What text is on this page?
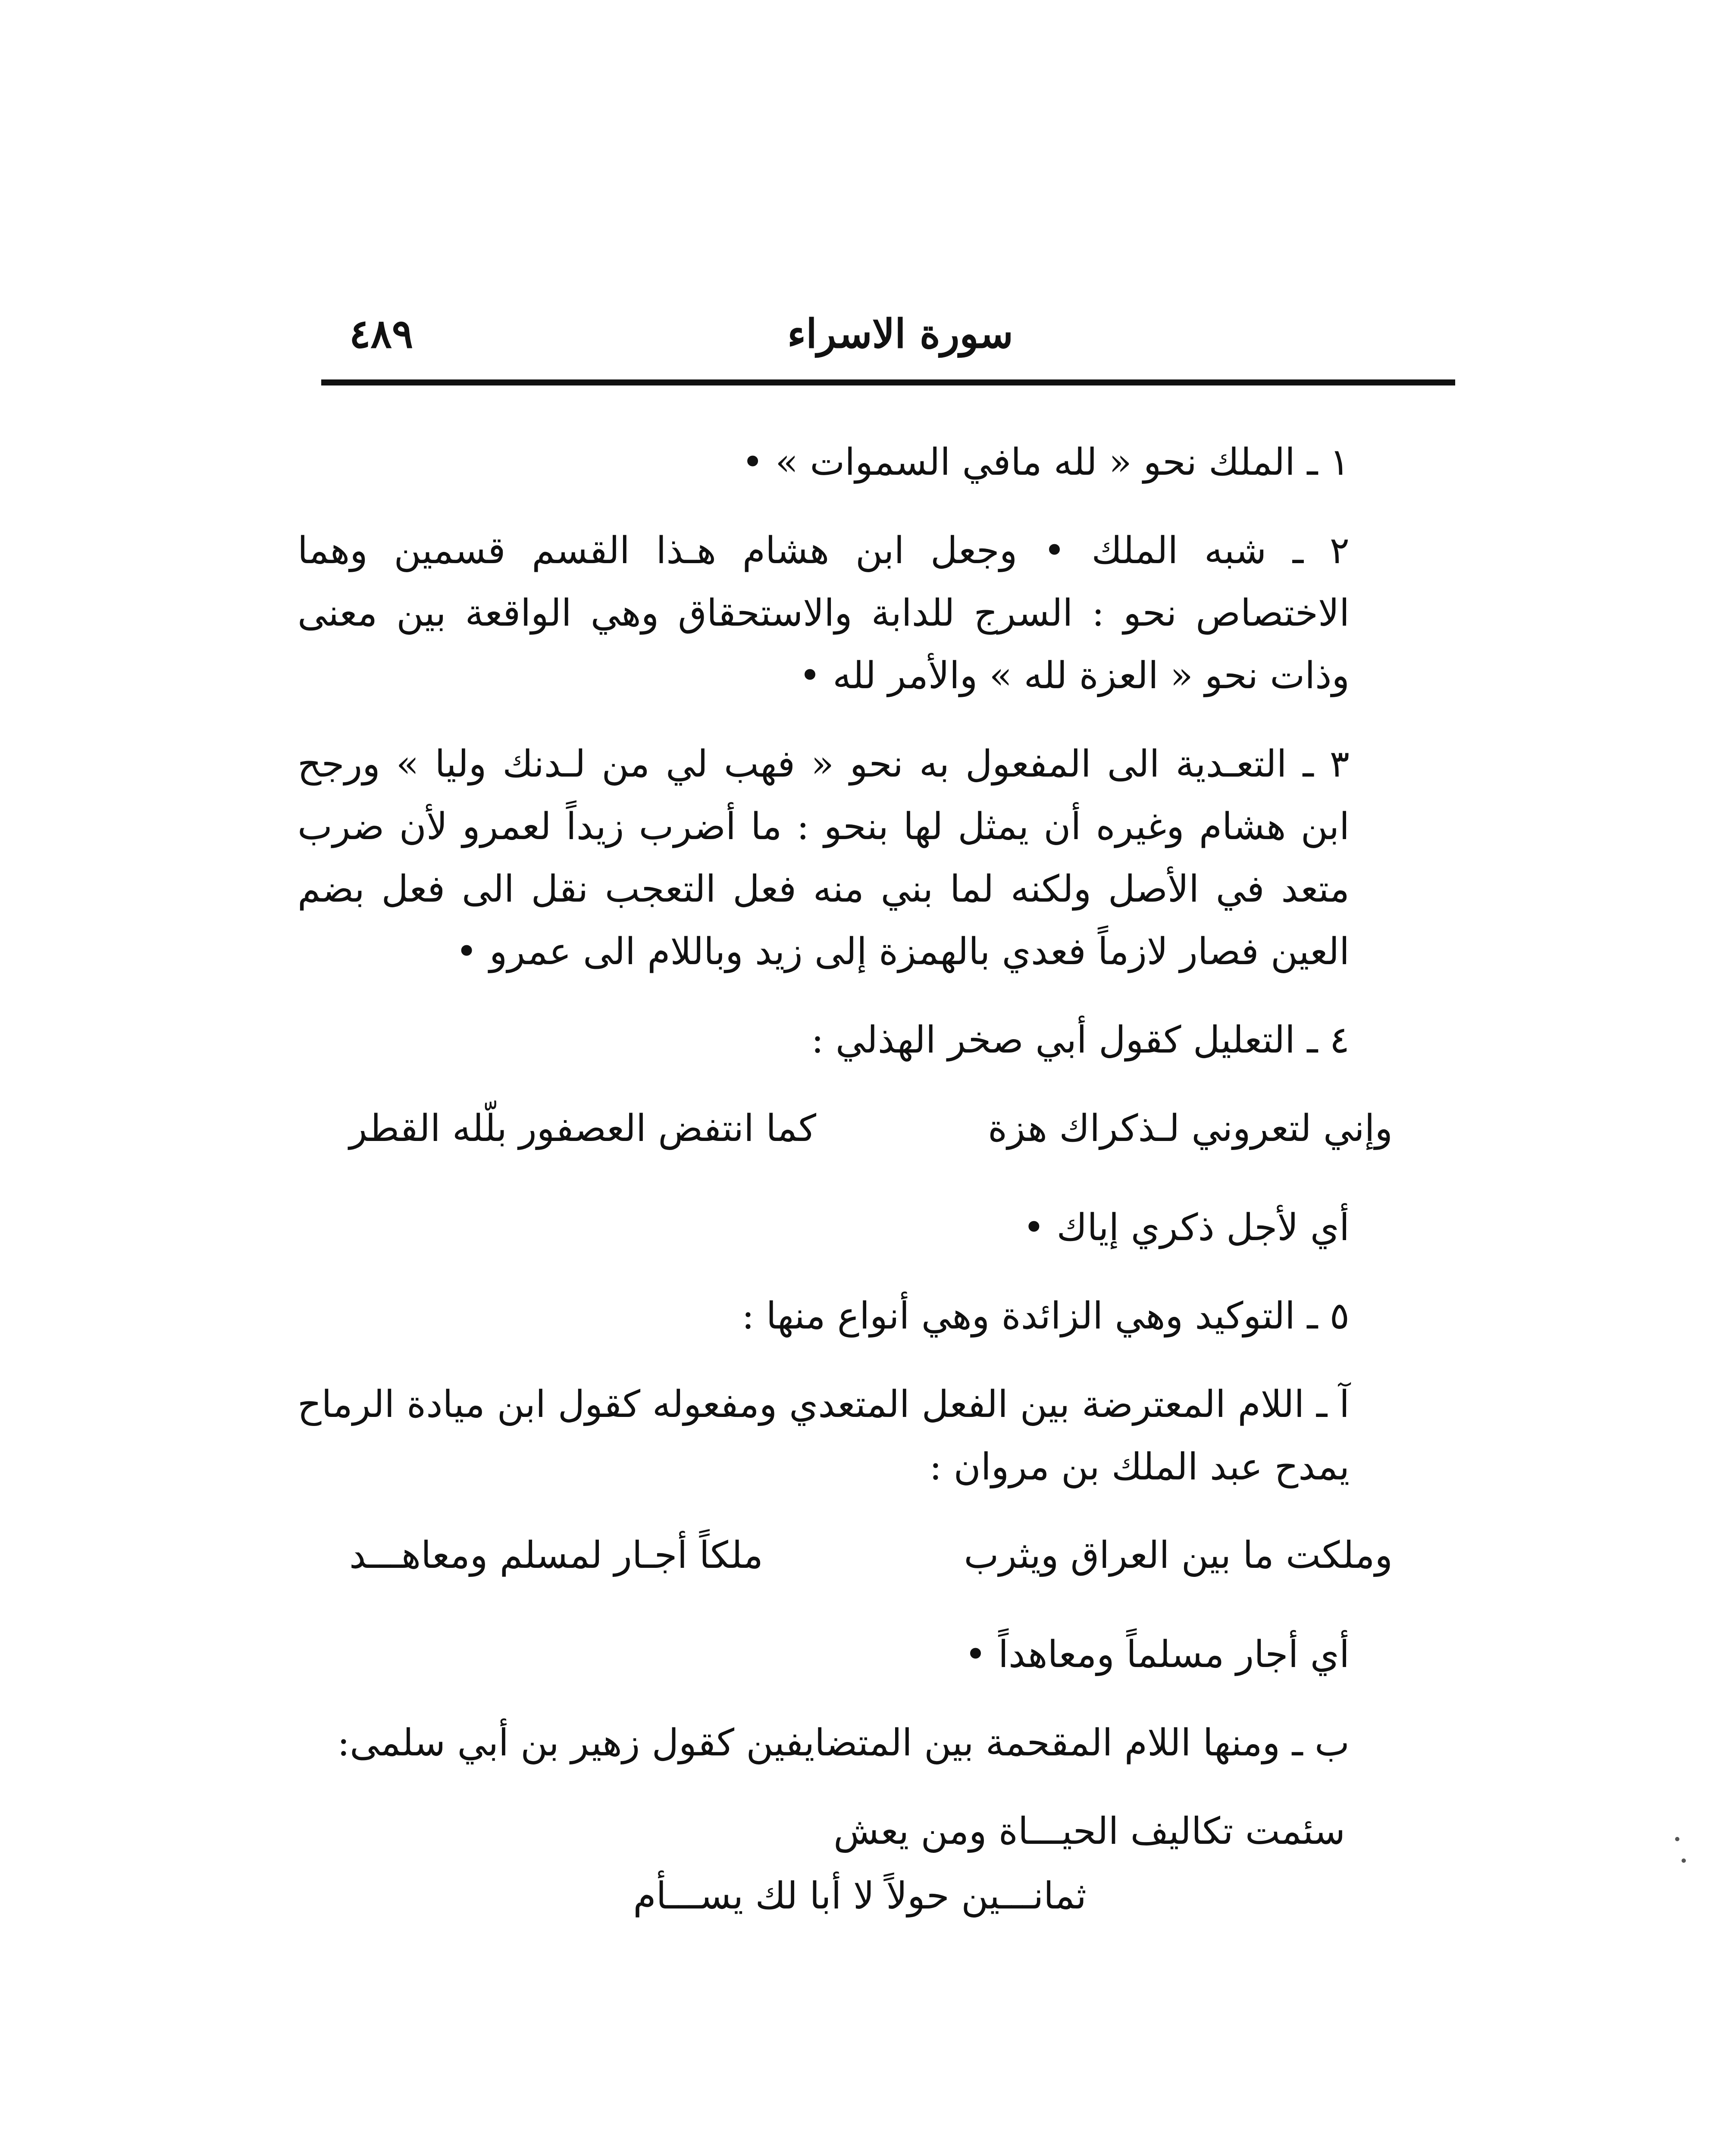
سورة الاسراء
٤٨٩

١ ـ الملك نحو « لله مافي السموات » •

٢ ـ شبه الملك • وجعل ابن هشام هـذا القسم قسمين وهما الاختصاص نحو : السرج للدابة والاستحقاق وهي الواقعة بين معنى وذات نحو « العزة لله » والأمر لله •

٣ ـ التعـدية الى المفعول به نحو « فهب لي من لـدنك وليا » ورجح ابن هشام وغيره أن يمثل لها بنحو : ما أضرب زيداً لعمرو لأن ضرب متعد في الأصل ولكنه لما بني منه فعل التعجب نقل الى فعل بضم العين فصار لازماً فعدي بالهمزة إلى زيد وباللام الى عمرو •

٤ ـ التعليل كقول أبي صخر الهذلي :

وإني لتعروني لـذكراك هزة
كما انتفض العصفور بلّله القطر

أي لأجل ذكري إياك •

٥ ـ التوكيد وهي الزائدة وهي أنواع منها :

آ ـ اللام المعترضة بين الفعل المتعدي ومفعوله كقول ابن ميادة الرماح يمدح عبد الملك بن مروان :

وملكت ما بين العراق ويثرب
ملكاً أجـار لمسلم ومعاهـــد

أي أجار مسلماً ومعاهداً •

ب ـ ومنها اللام المقحمة بين المتضايفين كقول زهير بن أبي سلمى:

سئمت تكاليف الحيـــاة ومن يعش
ثمانـــين حولاً لا أبا لك يســـأم
